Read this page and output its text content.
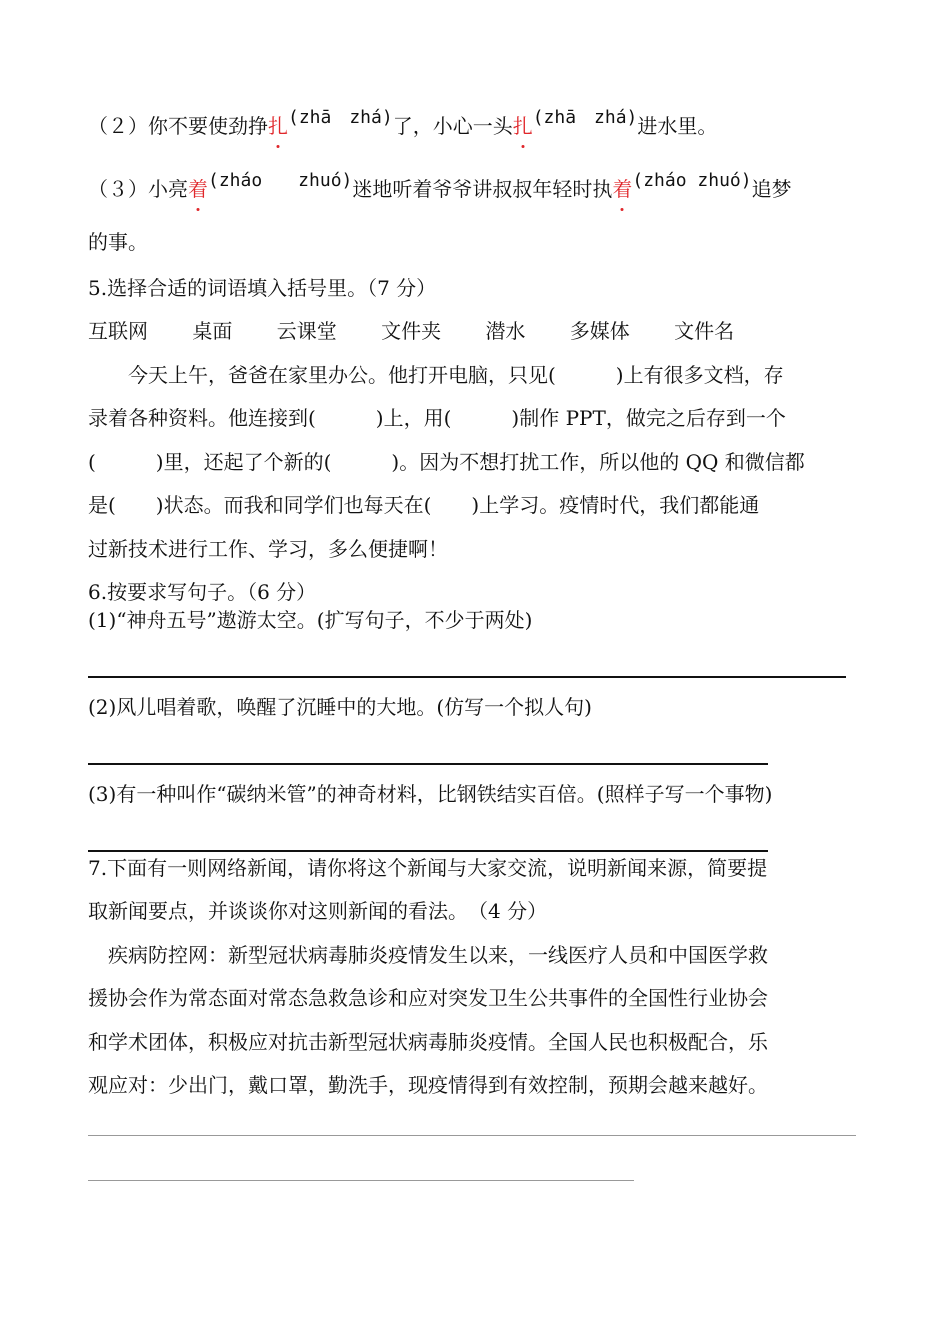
（２）你不要使劲挣扎(zhā　zhá)了，小心一头扎(zhā　zhá)进水里。
（３）小亮着(zháo　　zhuó)迷地听着爷爷讲叔叔年轻时执着(zháo zhuó)追梦
的事。
5.选择合适的词语填入括号里。（7 分）
互联网 桌面 云课堂 文件夹 潜水 多媒体 文件名
今天上午，爸爸在家里办公。他打开电脑，只见(　　　)上有很多文档，存
录着各种资料。他连接到(　　　)上，用(　　　)制作 PPT，做完之后存到一个
(　　　)里，还起了个新的(　　　)。因为不想打扰工作，所以他的 QQ 和微信都
是(　　)状态。而我和同学们也每天在(　　)上学习。疫情时代，我们都能通
过新技术进行工作、学习，多么便捷啊！
6.按要求写句子。（6 分）
(1)“神舟五号”遨游太空。(扩写句子，不少于两处)
(2)风儿唱着歌，唤醒了沉睡中的大地。(仿写一个拟人句)
(3)有一种叫作“碳纳米管”的神奇材料，比钢铁结实百倍。(照样子写一个事物)
7.下面有一则网络新闻，请你将这个新闻与大家交流，说明新闻来源，简要提
取新闻要点，并谈谈你对这则新闻的看法。　（4 分）
　疾病防控网：新型冠状病毒肺炎疫情发生以来，一线医疗人员和中国医学救
援协会作为常态面对常态急救急诊和应对突发卫生公共事件的全国性行业协会
和学术团体，积极应对抗击新型冠状病毒肺炎疫情。全国人民也积极配合，乐
观应对：少出门，戴口罩，勤洗手，现疫情得到有效控制，预期会越来越好。
